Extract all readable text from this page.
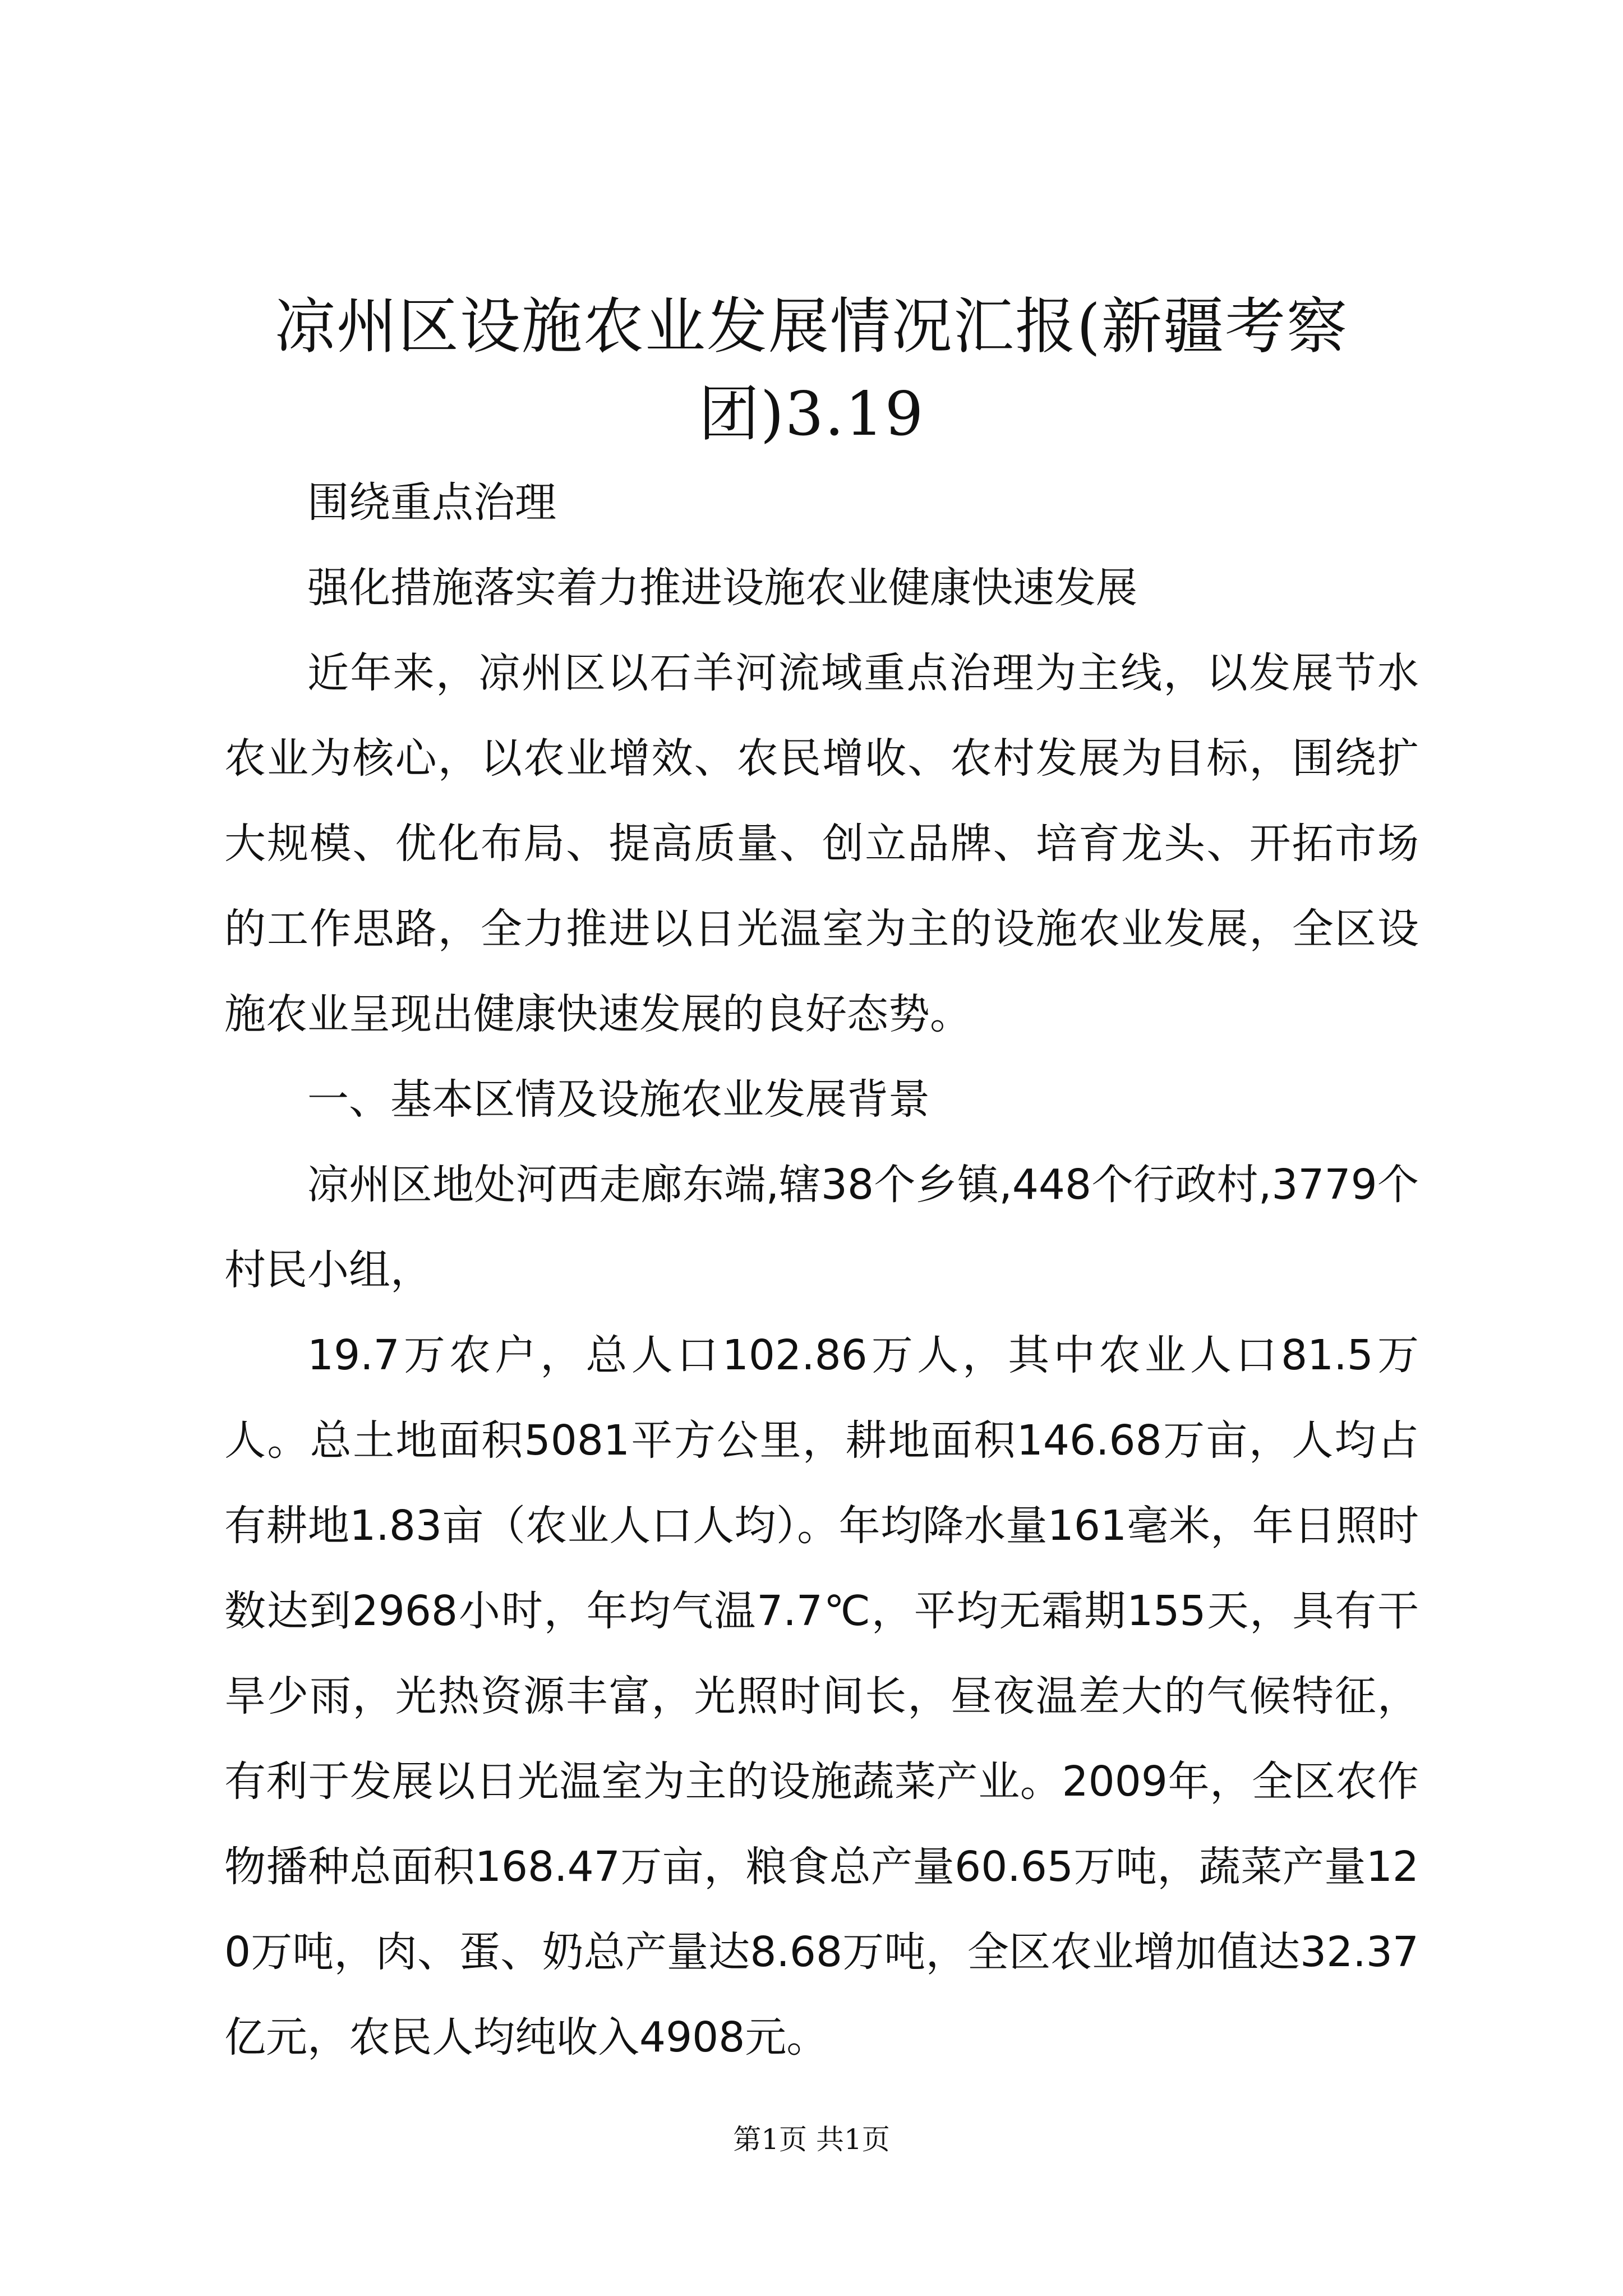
凉州区设施农业发展情况汇报(新疆考察
团)3.19

围绕重点治理

强化措施落实着力推进设施农业健康快速发展

近年来，凉州区以石羊河流域重点治理为主线，以发展节水农业为核心，以农业增效、农民增收、农村发展为目标，围绕扩大规模、优化布局、提高质量、创立品牌、培育龙头、开拓市场的工作思路，全力推进以日光温室为主的设施农业发展，全区设施农业呈现出健康快速发展的良好态势。

一、基本区情及设施农业发展背景

凉州区地处河西走廊东端,辖38个乡镇,448个行政村,3779个村民小组，

19.7万农户，总人口102.86万人，其中农业人口81.5万人。总土地面积5081平方公里，耕地面积146.68万亩，人均占有耕地1.83亩（农业人口人均）。年均降水量161毫米，年日照时数达到2968小时，年均气温7.7℃，平均无霜期155天，具有干旱少雨，光热资源丰富，光照时间长，昼夜温差大的气候特征，有利于发展以日光温室为主的设施蔬菜产业。2009年，全区农作物播种总面积168.47万亩，粮食总产量60.65万吨，蔬菜产量120万吨，肉、蛋、奶总产量达8.68万吨，全区农业增加值达32.37亿元，农民人均纯收入4908元。

第1页 共1页
